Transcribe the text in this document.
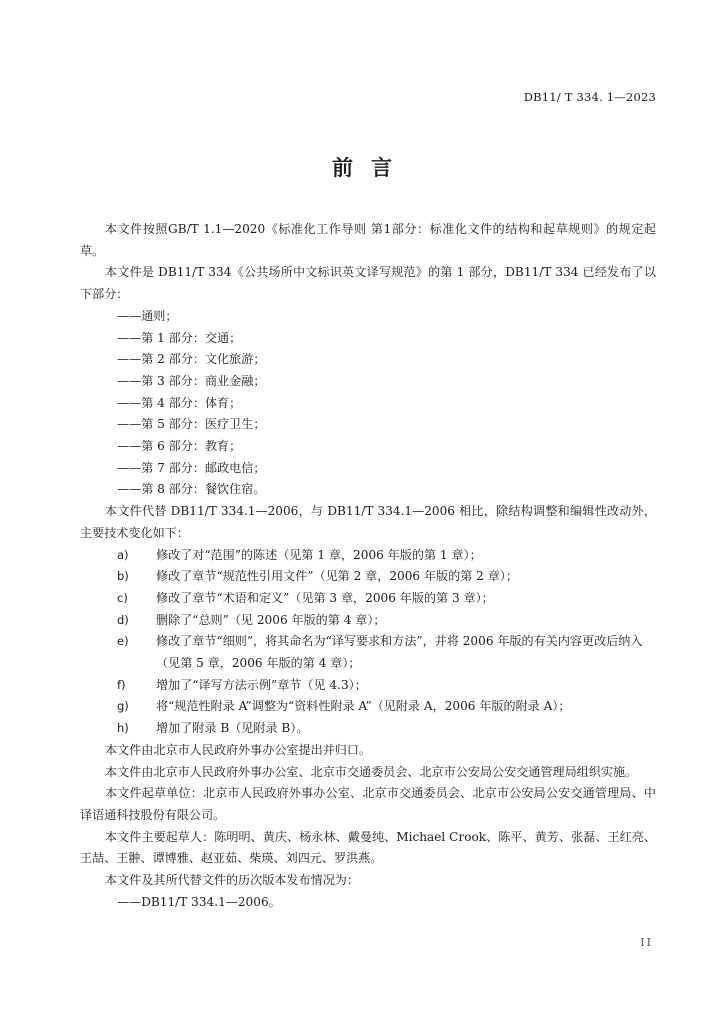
DB11/ T 334. 1—2023
前言

本文件按照GB/T 1.1—2020《标准化工作导则 第1部分：标准化文件的结构和起草规则》的规定起草。

本文件是 DB11/T 334《公共场所中文标识英文译写规范》的第 1 部分，DB11/T 334 已经发布了以下部分：

——通则；

——第 1 部分：交通；

——第 2 部分：文化旅游；

——第 3 部分：商业金融；

——第 4 部分：体育；

——第 5 部分：医疗卫生；

——第 6 部分：教育；

——第 7 部分：邮政电信；

——第 8 部分：餐饮住宿。

本文件代替 DB11/T 334.1—2006，与 DB11/T 334.1—2006 相比，除结构调整和编辑性改动外，主要技术变化如下：

a)	修改了对“范围”的陈述（见第 1 章，2006 年版的第 1 章）；
b)	修改了章节“规范性引用文件”（见第 2 章，2006 年版的第 2 章）；
c)	修改了章节“术语和定义”（见第 3 章，2006 年版的第 3 章）；
d)	删除了“总则”（见 2006 年版的第 4 章）；
e)	修改了章节“细则”，将其命名为“译写要求和方法”，并将 2006 年版的有关内容更改后纳入（见第 5 章，2006 年版的第 4 章）；
f)	增加了“译写方法示例”章节（见 4.3）；
g)	将“规范性附录 A”调整为“资料性附录 A”（见附录 A，2006 年版的附录 A）；
h)	增加了附录 B（见附录 B）。

本文件由北京市人民政府外事办公室提出并归口。

本文件由北京市人民政府外事办公室、北京市交通委员会、北京市公安局公安交通管理局组织实施。

本文件起草单位：北京市人民政府外事办公室、北京市交通委员会、北京市公安局公安交通管理局、中译语通科技股份有限公司。

本文件主要起草人：陈明明、黄庆、杨永林、戴曼纯、Michael Crook、陈平、黄芳、张磊、王红亮、王喆、王翀、谭博雅、赵亚茹、柴瑛、刘四元、罗洪燕。

本文件及其所代替文件的历次版本发布情况为：

——DB11/T 334.1—2006。

II
